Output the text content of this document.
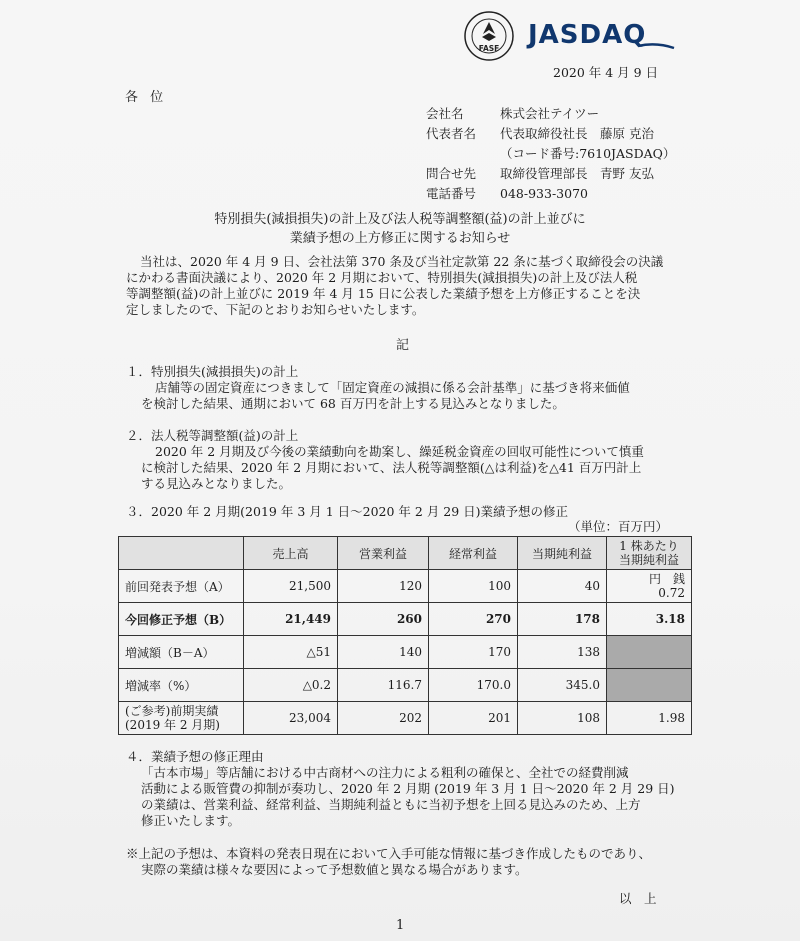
FASF JASDAQ
2020 年 4 月 9 日
各 位
会社名	株式会社テイツー
代表者名	代表取締役社長　藤原 克治
（コード番号:7610JASDAQ）
問合せ先	取締役管理部長　青野 友弘
電話番号	048-933-3070
特別損失(減損損失)の計上及び法人税等調整額(益)の計上並びに
業績予想の上方修正に関するお知らせ
当社は、2020 年 4 月 9 日、会社法第 370 条及び当社定款第 22 条に基づく取締役会の決議
にかわる書面決議により、2020 年 2 月期において、特別損失(減損損失)の計上及び法人税
等調整額(益)の計上並びに 2019 年 4 月 15 日に公表した業績予想を上方修正することを決
定しましたので、下記のとおりお知らせいたします。
記
１．特別損失(減損損失)の計上
店舗等の固定資産につきまして「固定資産の減損に係る会計基準」に基づき将来価値
を検討した結果、通期において 68 百万円を計上する見込みとなりました。
２．法人税等調整額(益)の計上
2020 年 2 月期及び今後の業績動向を勘案し、繰延税金資産の回収可能性について慎重
に検討した結果、2020 年 2 月期において、法人税等調整額(△は利益)を△41 百万円計上
する見込みとなりました。
３．2020 年 2 月期(2019 年 3 月 1 日～2020 年 2 月 29 日)業績予想の修正
（単位：百万円）
	売上高	営業利益	経常利益	当期純利益	1 株あたり
当期純利益

前回発表予想（A）	21,500	120	100	40	円　銭
0.72

今回修正予想（B）	21,449	260	270	178	3.18
増減額（B－A）	△51	140	170	138	
増減率（%）	△0.2	116.7	170.0	345.0	

(ご参考)前期実績
(2019 年 2 月期)	23,004	202	201	108	1.98
４．業績予想の修正理由
「古本市場」等店舗における中古商材への注力による粗利の確保と、全社での経費削減
活動による販管費の抑制が奏功し、2020 年 2 月期 (2019 年 3 月 1 日～2020 年 2 月 29 日)
の業績は、営業利益、経常利益、当期純利益ともに当初予想を上回る見込みのため、上方
修正いたします。
※上記の予想は、本資料の発表日現在において入手可能な情報に基づき作成したものであり、
実際の業績は様々な要因によって予想数値と異なる場合があります。
以　上
1
